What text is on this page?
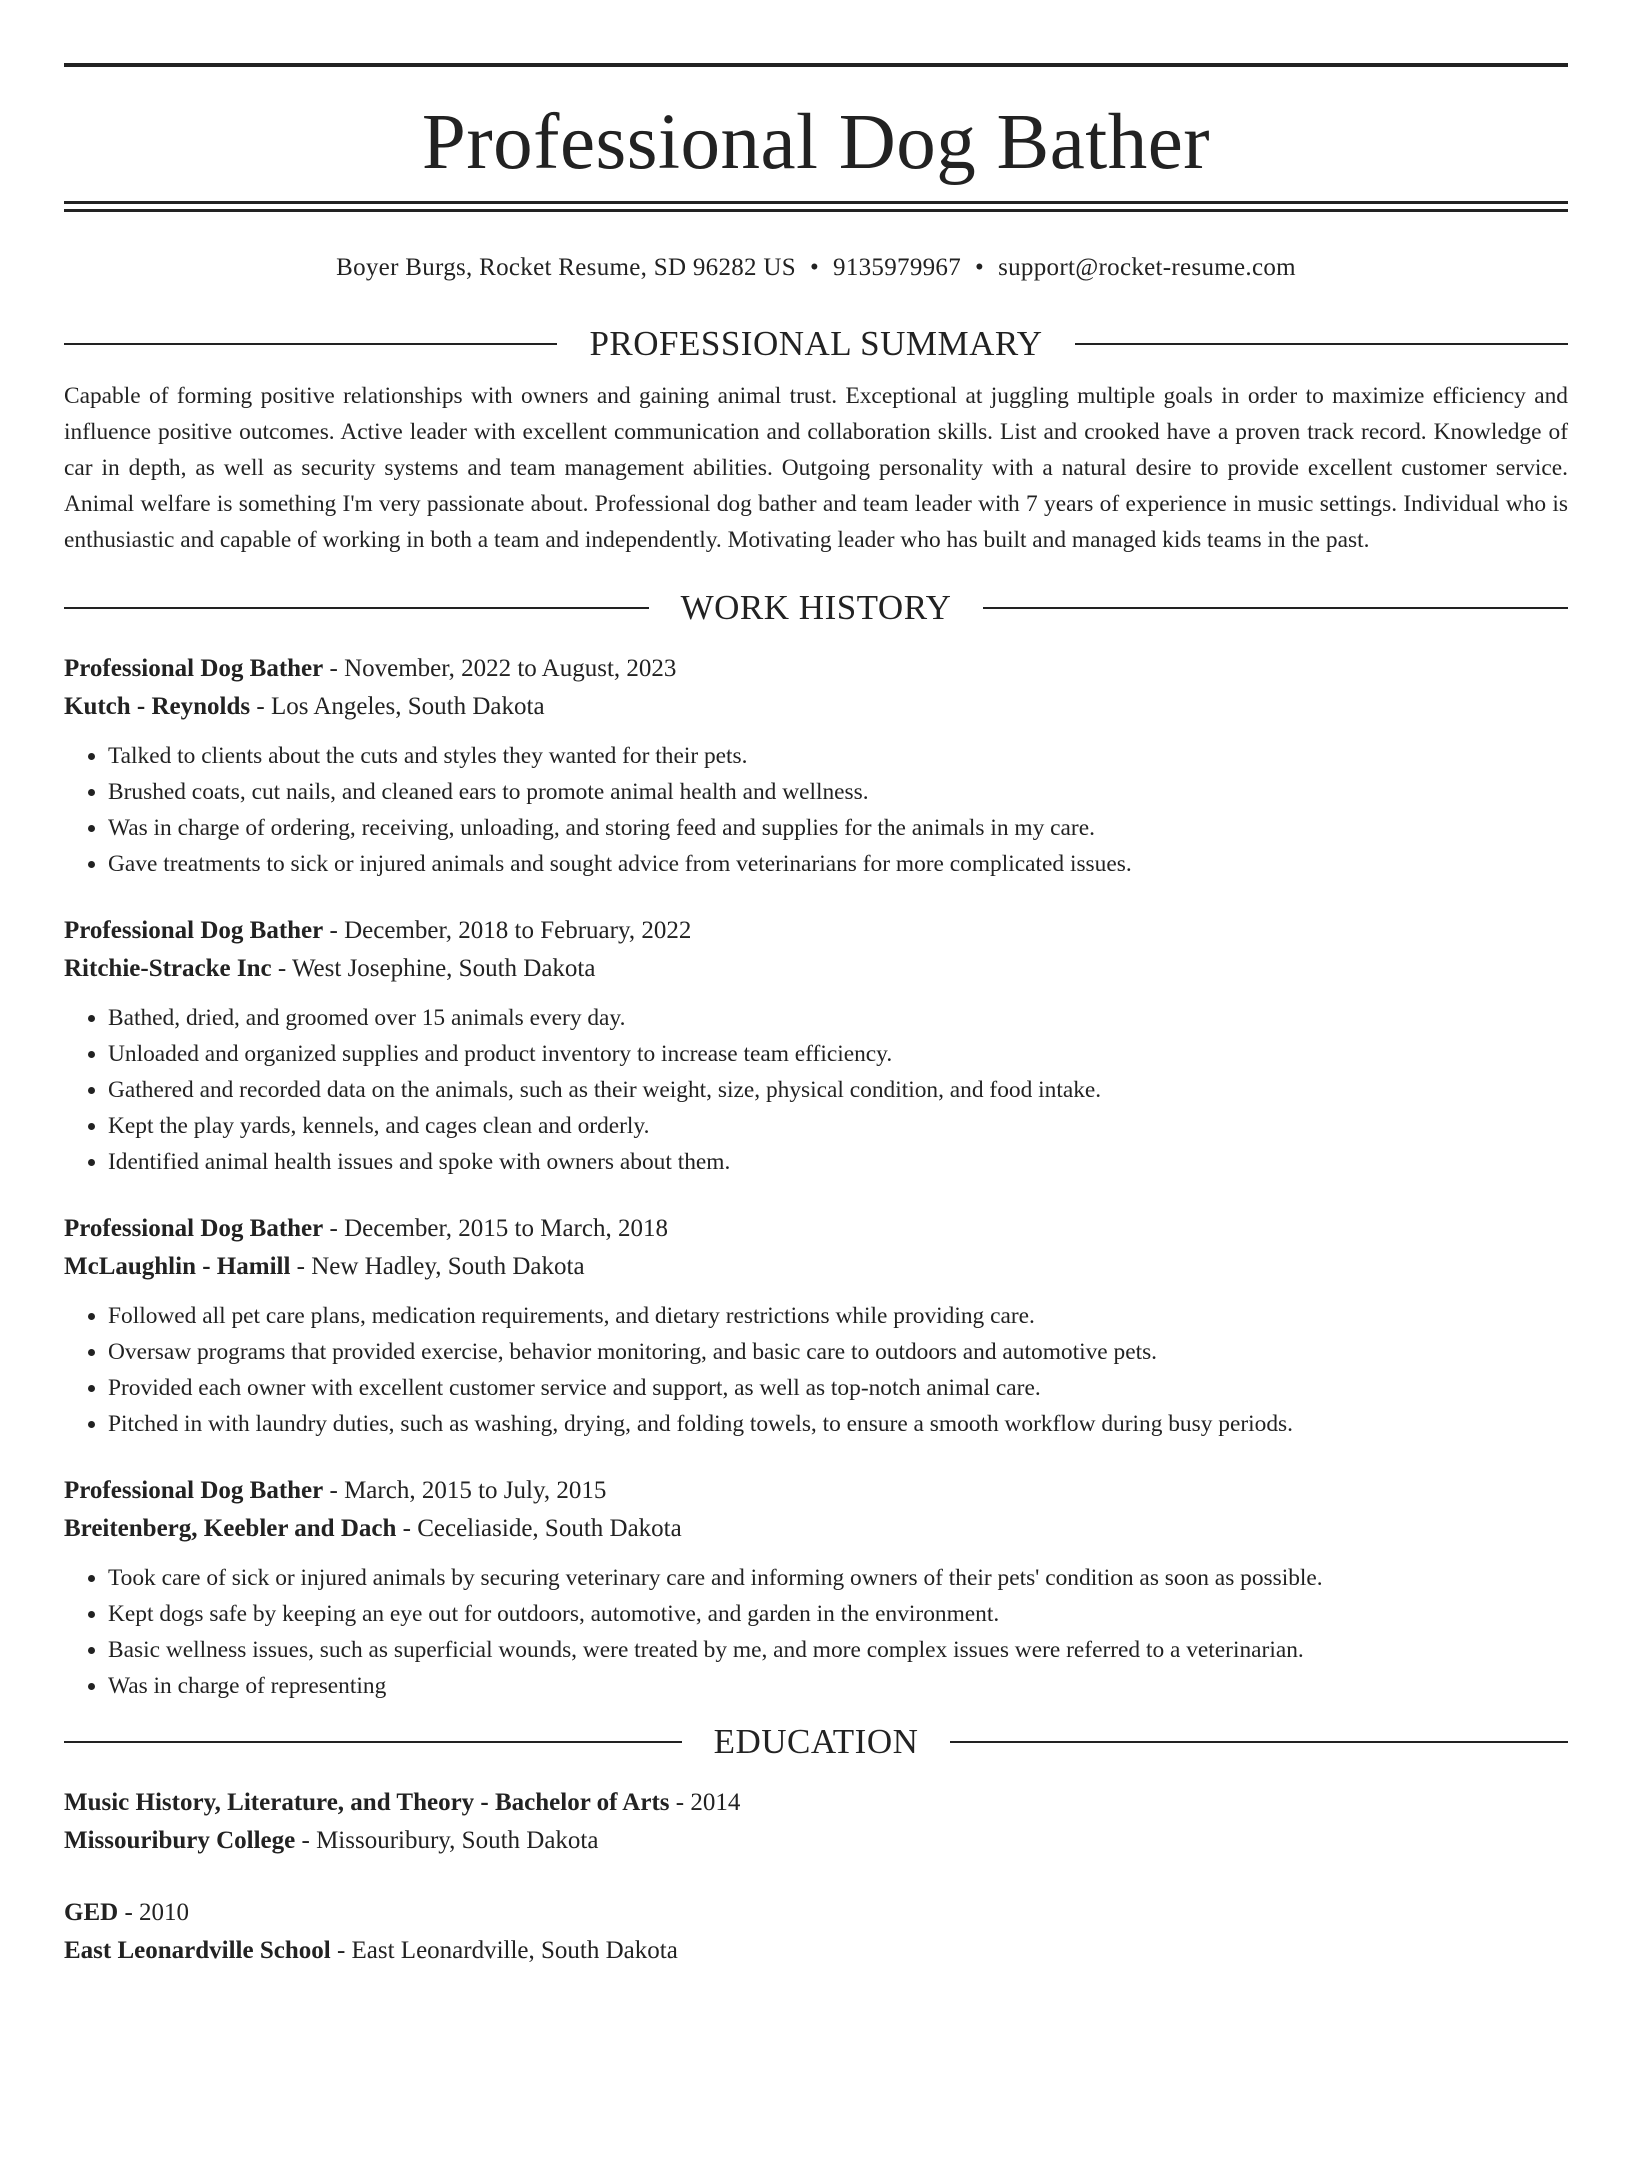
Professional Dog Bather
Boyer Burgs, Rocket Resume, SD 96282 US • 9135979967 • support@rocket-resume.com
PROFESSIONAL SUMMARY

Capable of forming positive relationships with owners and gaining animal trust. Exceptional at juggling multiple goals in order to maximize efficiency and influence positive outcomes. Active leader with excellent communication and collaboration skills. List and crooked have a proven track record. Knowledge of car in depth, as well as security systems and team management abilities. Outgoing personality with a natural desire to provide excellent customer service. Animal welfare is something I'm very passionate about. Professional dog bather and team leader with 7 years of experience in music settings. Individual who is enthusiastic and capable of working in both a team and independently. Motivating leader who has built and managed kids teams in the past.

WORK HISTORY

Professional Dog Bather - November, 2022 to August, 2023

Kutch - Reynolds - Los Angeles, South Dakota

• Talked to clients about the cuts and styles they wanted for their pets.
• Brushed coats, cut nails, and cleaned ears to promote animal health and wellness.
• Was in charge of ordering, receiving, unloading, and storing feed and supplies for the animals in my care.
• Gave treatments to sick or injured animals and sought advice from veterinarians for more complicated issues.

Professional Dog Bather - December, 2018 to February, 2022

Ritchie-Stracke Inc - West Josephine, South Dakota

• Bathed, dried, and groomed over 15 animals every day.
• Unloaded and organized supplies and product inventory to increase team efficiency.
• Gathered and recorded data on the animals, such as their weight, size, physical condition, and food intake.
• Kept the play yards, kennels, and cages clean and orderly.
• Identified animal health issues and spoke with owners about them.

Professional Dog Bather - December, 2015 to March, 2018

McLaughlin - Hamill - New Hadley, South Dakota

• Followed all pet care plans, medication requirements, and dietary restrictions while providing care.
• Oversaw programs that provided exercise, behavior monitoring, and basic care to outdoors and automotive pets.
• Provided each owner with excellent customer service and support, as well as top-notch animal care.
• Pitched in with laundry duties, such as washing, drying, and folding towels, to ensure a smooth workflow during busy periods.

Professional Dog Bather - March, 2015 to July, 2015

Breitenberg, Keebler and Dach - Ceceliaside, South Dakota

• Took care of sick or injured animals by securing veterinary care and informing owners of their pets' condition as soon as possible.
• Kept dogs safe by keeping an eye out for outdoors, automotive, and garden in the environment.
• Basic wellness issues, such as superficial wounds, were treated by me, and more complex issues were referred to a veterinarian.
• Was in charge of representing
EDUCATION

Music History, Literature, and Theory - Bachelor of Arts - 2014

Missouribury College - Missouribury, South Dakota

GED - 2010

East Leonardville School - East Leonardville, South Dakota
